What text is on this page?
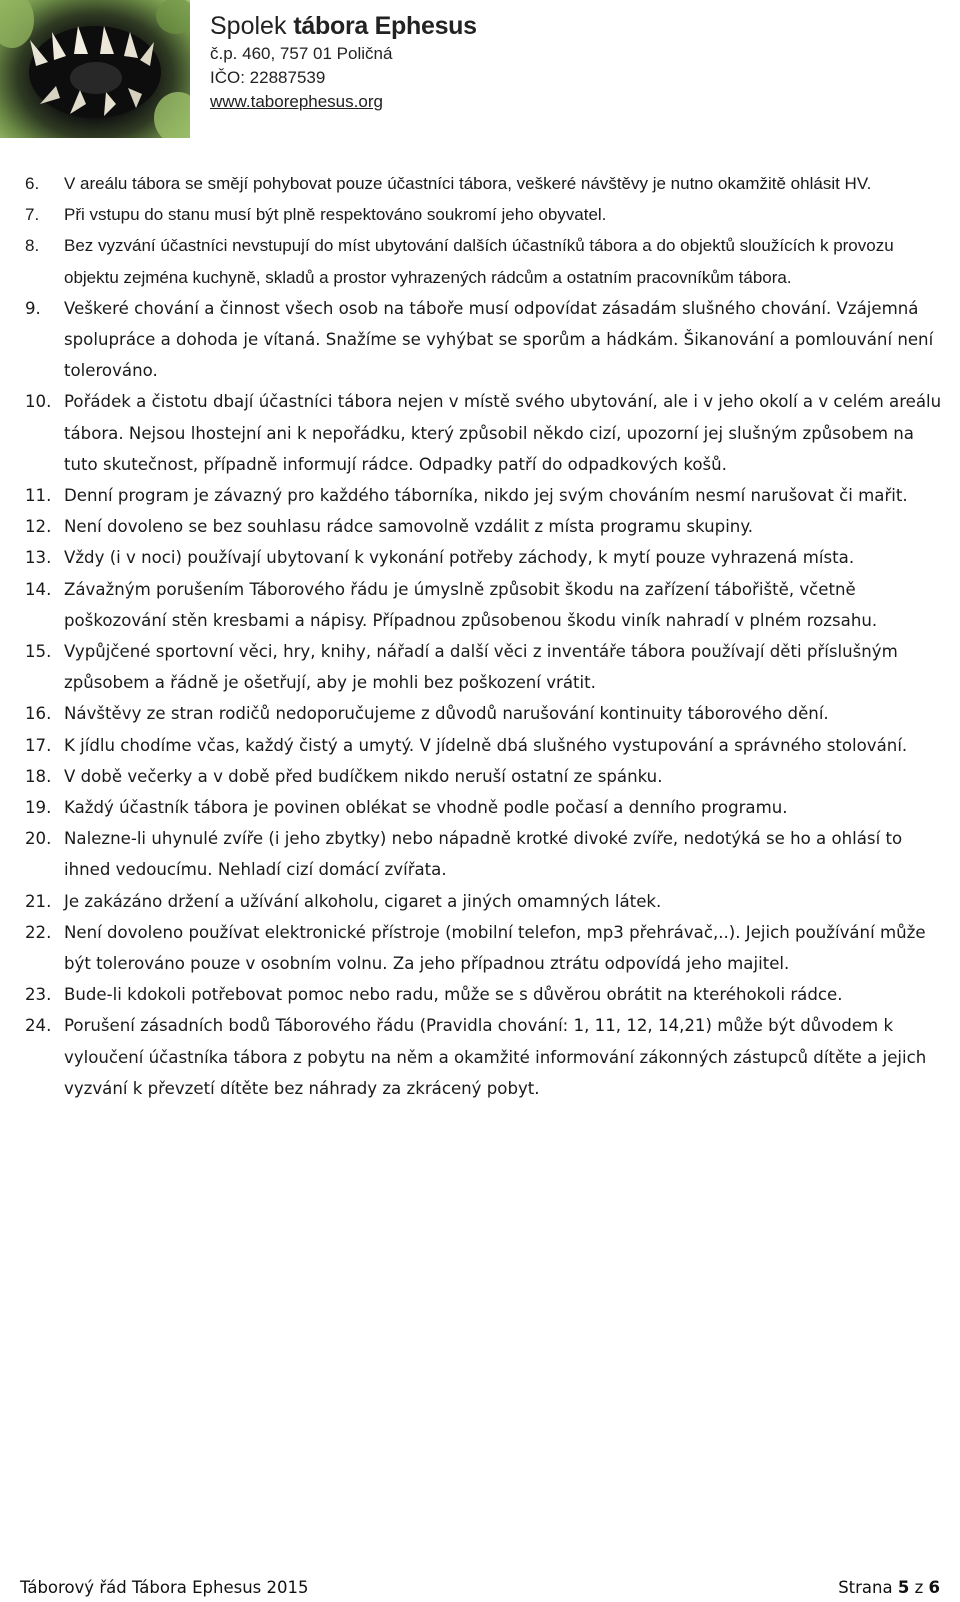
Spolek tábora Ephesus
č.p. 460, 757 01 Poličná
IČO: 22887539
www.taborephesus.org
6. V areálu tábora se smějí pohybovat pouze účastníci tábora, veškeré návštěvy je nutno okamžitě ohlásit HV.
7. Při vstupu do stanu musí být plně respektováno soukromí jeho obyvatel.
8. Bez vyzvání účastníci nevstupují do míst ubytování dalších účastníků tábora a do objektů sloužících k provozu objektu zejména kuchyně, skladů a prostor vyhrazených rádcům a ostatním pracovníkům tábora.
9. Veškeré chování a činnost všech osob na táboře musí odpovídat zásadám slušného chování. Vzájemná spolupráce a dohoda je vítaná. Snažíme se vyhýbat se sporům a hádkám. Šikanování a pomlouvání není tolerováno.
10. Pořádek a čistotu dbají účastníci tábora nejen v místě svého ubytování, ale i v jeho okolí a v celém areálu tábora. Nejsou lhostejní ani k nepořádku, který způsobil někdo cizí, upozorní jej slušným způsobem na tuto skutečnost, případně informují rádce. Odpadky patří do odpadkových košů.
11. Denní program je závazný pro každého táborníka, nikdo jej svým chováním nesmí narušovat či mařit.
12. Není dovoleno se bez souhlasu rádce samovolně vzdálit z místa programu skupiny.
13. Vždy (i v noci) používají ubytovaní k vykonání potřeby záchody, k mytí pouze vyhrazená místa.
14. Závažným porušením Táborového řádu je úmyslně způsobit škodu na zařízení tábořiště, včetně poškozování stěn kresbami a nápisy. Případnou způsobenou škodu viník nahradí v plném rozsahu.
15. Vypůjčené sportovní věci, hry, knihy, nářadí a další věci z inventáře tábora používají děti příslušným způsobem a řádně je ošetřují, aby je mohli bez poškození vrátit.
16. Návštěvy ze stran rodičů nedoporučujeme z důvodů narušování kontinuity táborového dění.
17. K jídlu chodíme včas, každý čistý a umytý. V jídelně dbá slušného vystupování a správného stolování.
18. V době večerky a v době před budíčkem nikdo neruší ostatní ze spánku.
19. Každý účastník tábora je povinen oblékat se vhodně podle počasí a denního programu.
20. Nalezne-li uhynulé zvíře (i jeho zbytky) nebo nápadně krotké divoké zvíře, nedotýká se ho a ohlásí to ihned vedoucímu. Nehladí cizí domácí zvířata.
21. Je zakázáno držení a užívání alkoholu, cigaret a jiných omamných látek.
22. Není dovoleno používat elektronické přístroje (mobilní telefon, mp3 přehrávač,..). Jejich používání může být tolerováno pouze v osobním volnu. Za jeho případnou ztrátu odpovídá jeho majitel.
23. Bude-li kdokoli potřebovat pomoc nebo radu, může se s důvěrou obrátit na kteréhokoli rádce.
24. Porušení zásadních bodů Táborového řádu (Pravidla chování: 1, 11, 12, 14,21) může být důvodem k vyloučení účastníka tábora z pobytu na něm a okamžité informování zákonných zástupců dítěte a jejich vyzvání k převzetí dítěte bez náhrady za zkrácený pobyt.
Táborový řád Tábora Ephesus 2015	Strana 5 z 6
